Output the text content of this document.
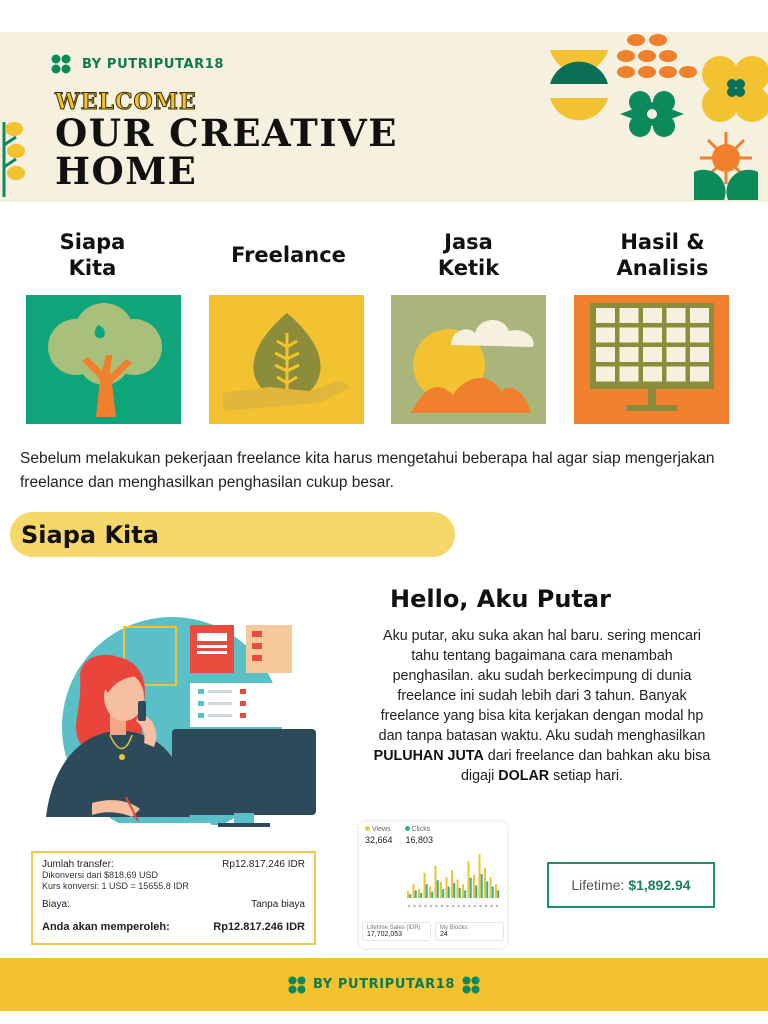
BY PUTRIPUTAR18
WELCOME
OUR CREATIVE
HOME
Siapa
Kita
Freelance
Jasa
Ketik
Hasil &
Analisis
Sebelum melakukan pekerjaan freelance kita harus mengetahui beberapa hal agar siap mengerjakan freelance dan menghasilkan penghasilan cukup besar.
Siapa Kita
Hello, Aku Putar
Aku putar, aku suka akan hal baru. sering mencari tahu tentang bagaimana cara menambah penghasilan. aku sudah berkecimpung di dunia freelance ini sudah lebih dari 3 tahun. Banyak freelance yang bisa kita kerjakan dengan modal hp dan tanpa batasan waktu. Aku sudah menghasilkan PULUHAN JUTA dari freelance dan bahkan aku bisa digaji DOLAR setiap hari.
Jumlah transfer:	Rp12.817.246 IDR
Dikonversi dari $818,69 USD
Kurs konversi: 1 USD = 15655.8 IDR
Biaya:	Tanpa biaya
Anda akan memperoleh:	Rp12.817.246 IDR
Views	Clicks
32,664 16,803
Lifetime Sales (IDR)
17,702,053
My Blocks
24
Lifetime: $1,892.94
BY PUTRIPUTAR18
